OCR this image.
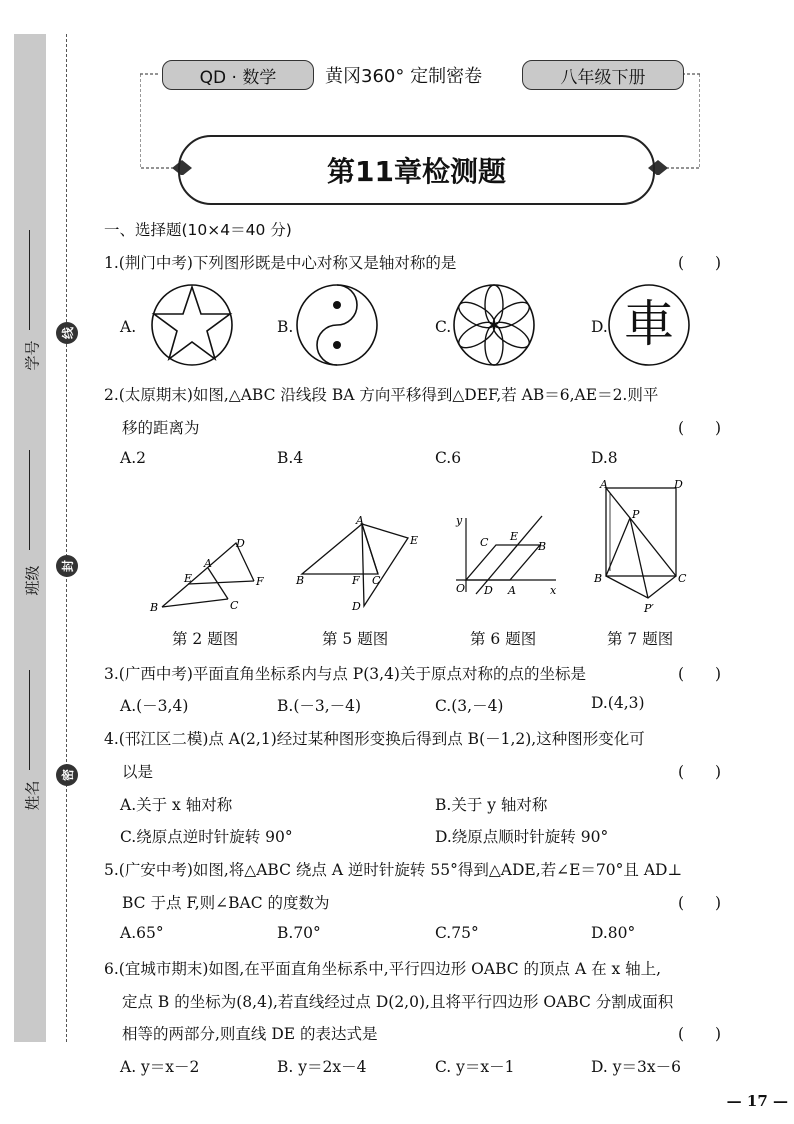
学号
班级
姓名
线
封
密
QD · 数学	黄冈360° 定制密卷	八年级下册
第11章检测题
一、选择题(10×4＝40 分)
1.(荆门中考)下列图形既是中心对称又是轴对称的是	(　　)
A.	B.	C.	D. 車
2.(太原期末)如图,△ABC 沿线段 BA 方向平移得到△DEF,若 AB＝6,AE＝2.则平
移的距离为	(　　)
A.2	B.4	C.6	D.8
D
E
A
F
B	C
A
E
B	F C
D
y
C E
B
O D A	x
A	D
P
B	C
P′
第 2 题图	第 5 题图	第 6 题图	第 7 题图
3.(广西中考)平面直角坐标系内与点 P(3,4)关于原点对称的点的坐标是	(　　)
A.(－3,4)	B.(－3,－4)	C.(3,－4)	D.(4,3)
4.(邗江区二模)点 A(2,1)经过某种图形变换后得到点 B(－1,2),这种图形变化可
以是	(　　)
A.关于 x 轴对称	B.关于 y 轴对称
C.绕原点逆时针旋转 90°	D.绕原点顺时针旋转 90°
5.(广安中考)如图,将△ABC 绕点 A 逆时针旋转 55°得到△ADE,若∠E＝70°且 AD⊥
BC 于点 F,则∠BAC 的度数为	(　　)
A.65°	B.70°	C.75°	D.80°
6.(宜城市期末)如图,在平面直角坐标系中,平行四边形 OABC 的顶点 A 在 x 轴上,
定点 B 的坐标为(8,4),若直线经过点 D(2,0),且将平行四边形 OABC 分割成面积
相等的两部分,则直线 DE 的表达式是	(　　)
A. y＝x－2	B. y＝2x－4	C. y＝x－1	D. y＝3x－6
— 17 —
